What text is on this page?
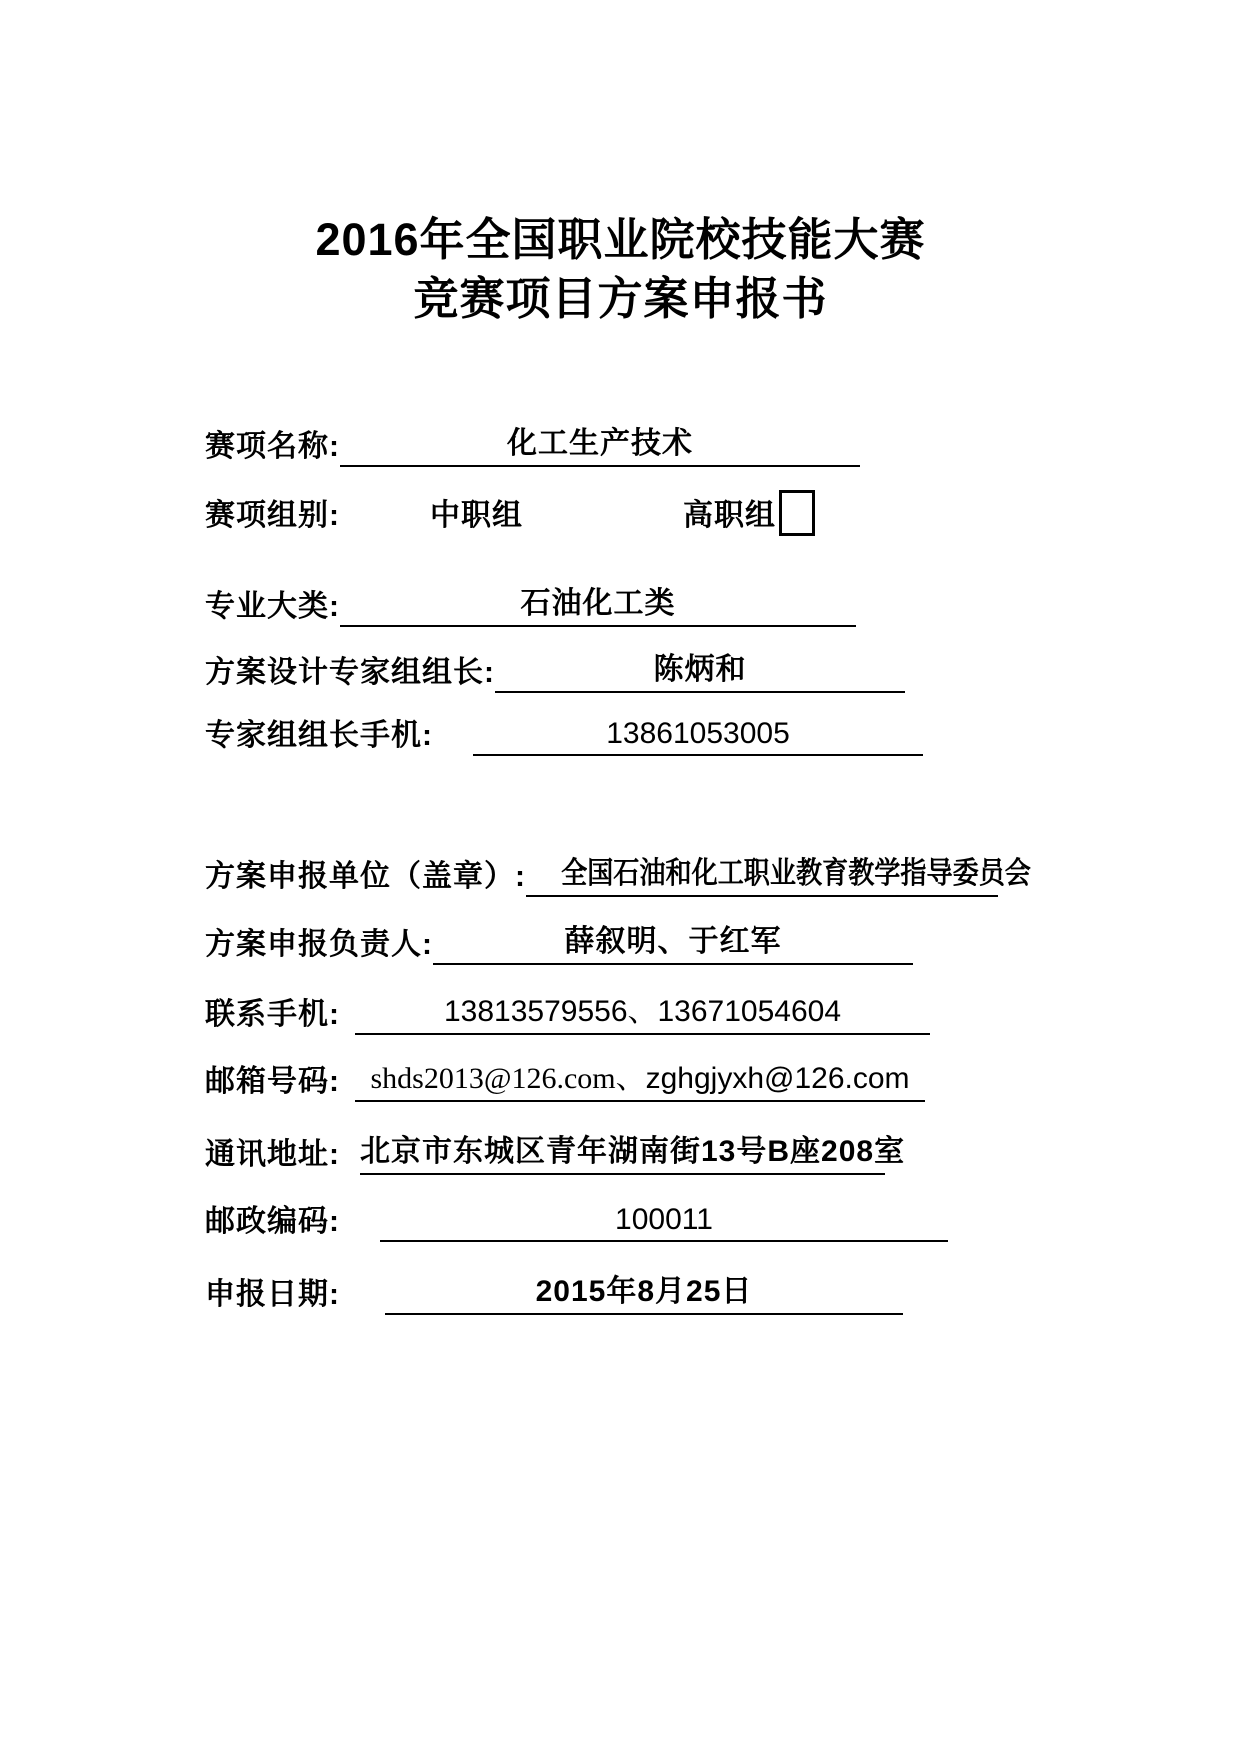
2016年全国职业院校技能大赛
竞赛项目方案申报书
赛项名称:	化工生产技术
赛项组别:	中职组	高职组
专业大类:	石油化工类
方案设计专家组组长:	陈炳和
专家组组长手机:	13861053005
方案申报单位（盖章）:	全国石油和化工职业教育教学指导委员会
方案申报负责人:	薛叙明、于红军
联系手机:	13813579556、13671054604
邮箱号码:	shds2013@126.com、zghgjyxh@126.com
通讯地址: 北京市东城区青年湖南街13号B座208室
邮政编码:	100011
申报日期:	2015年8月25日
